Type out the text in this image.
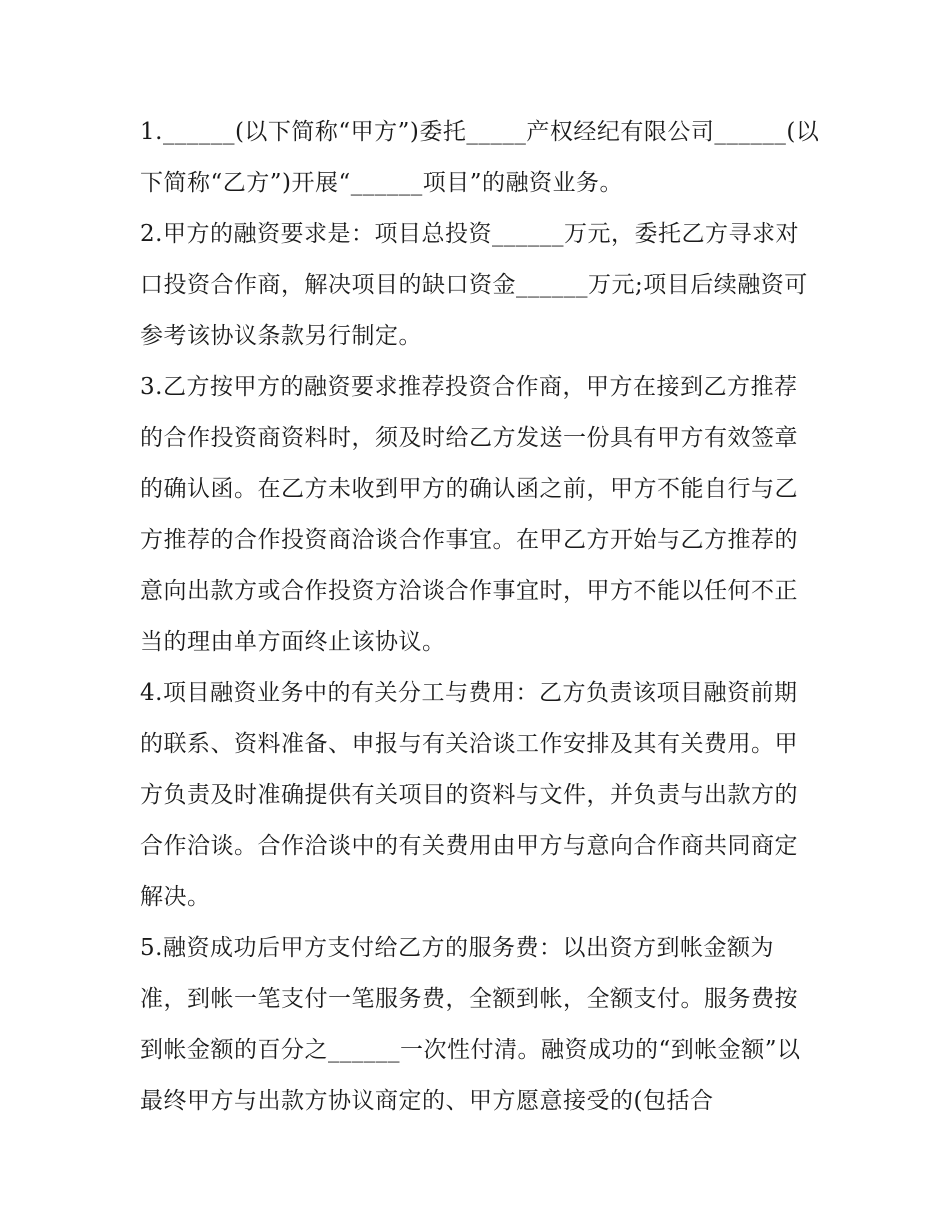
1.______(以下简称“甲方”)委托_____产权经纪有限公司______(以下简称“乙方”)开展“______项目”的融资业务。

2.甲方的融资要求是：项目总投资______万元，委托乙方寻求对口投资合作商，解决项目的缺口资金______万元;项目后续融资可参考该协议条款另行制定。

3.乙方按甲方的融资要求推荐投资合作商，甲方在接到乙方推荐的合作投资商资料时，须及时给乙方发送一份具有甲方有效签章的确认函。在乙方未收到甲方的确认函之前，甲方不能自行与乙方推荐的合作投资商洽谈合作事宜。在甲乙方开始与乙方推荐的意向出款方或合作投资方洽谈合作事宜时，甲方不能以任何不正当的理由单方面终止该协议。

4.项目融资业务中的有关分工与费用：乙方负责该项目融资前期的联系、资料准备、申报与有关洽谈工作安排及其有关费用。甲方负责及时准确提供有关项目的资料与文件，并负责与出款方的合作洽谈。合作洽谈中的有关费用由甲方与意向合作商共同商定解决。

5.融资成功后甲方支付给乙方的服务费：以出资方到帐金额为准，到帐一笔支付一笔服务费，全额到帐，全额支付。服务费按到帐金额的百分之______一次性付清。融资成功的“到帐金额”以最终甲方与出款方协议商定的、甲方愿意接受的(包括合
